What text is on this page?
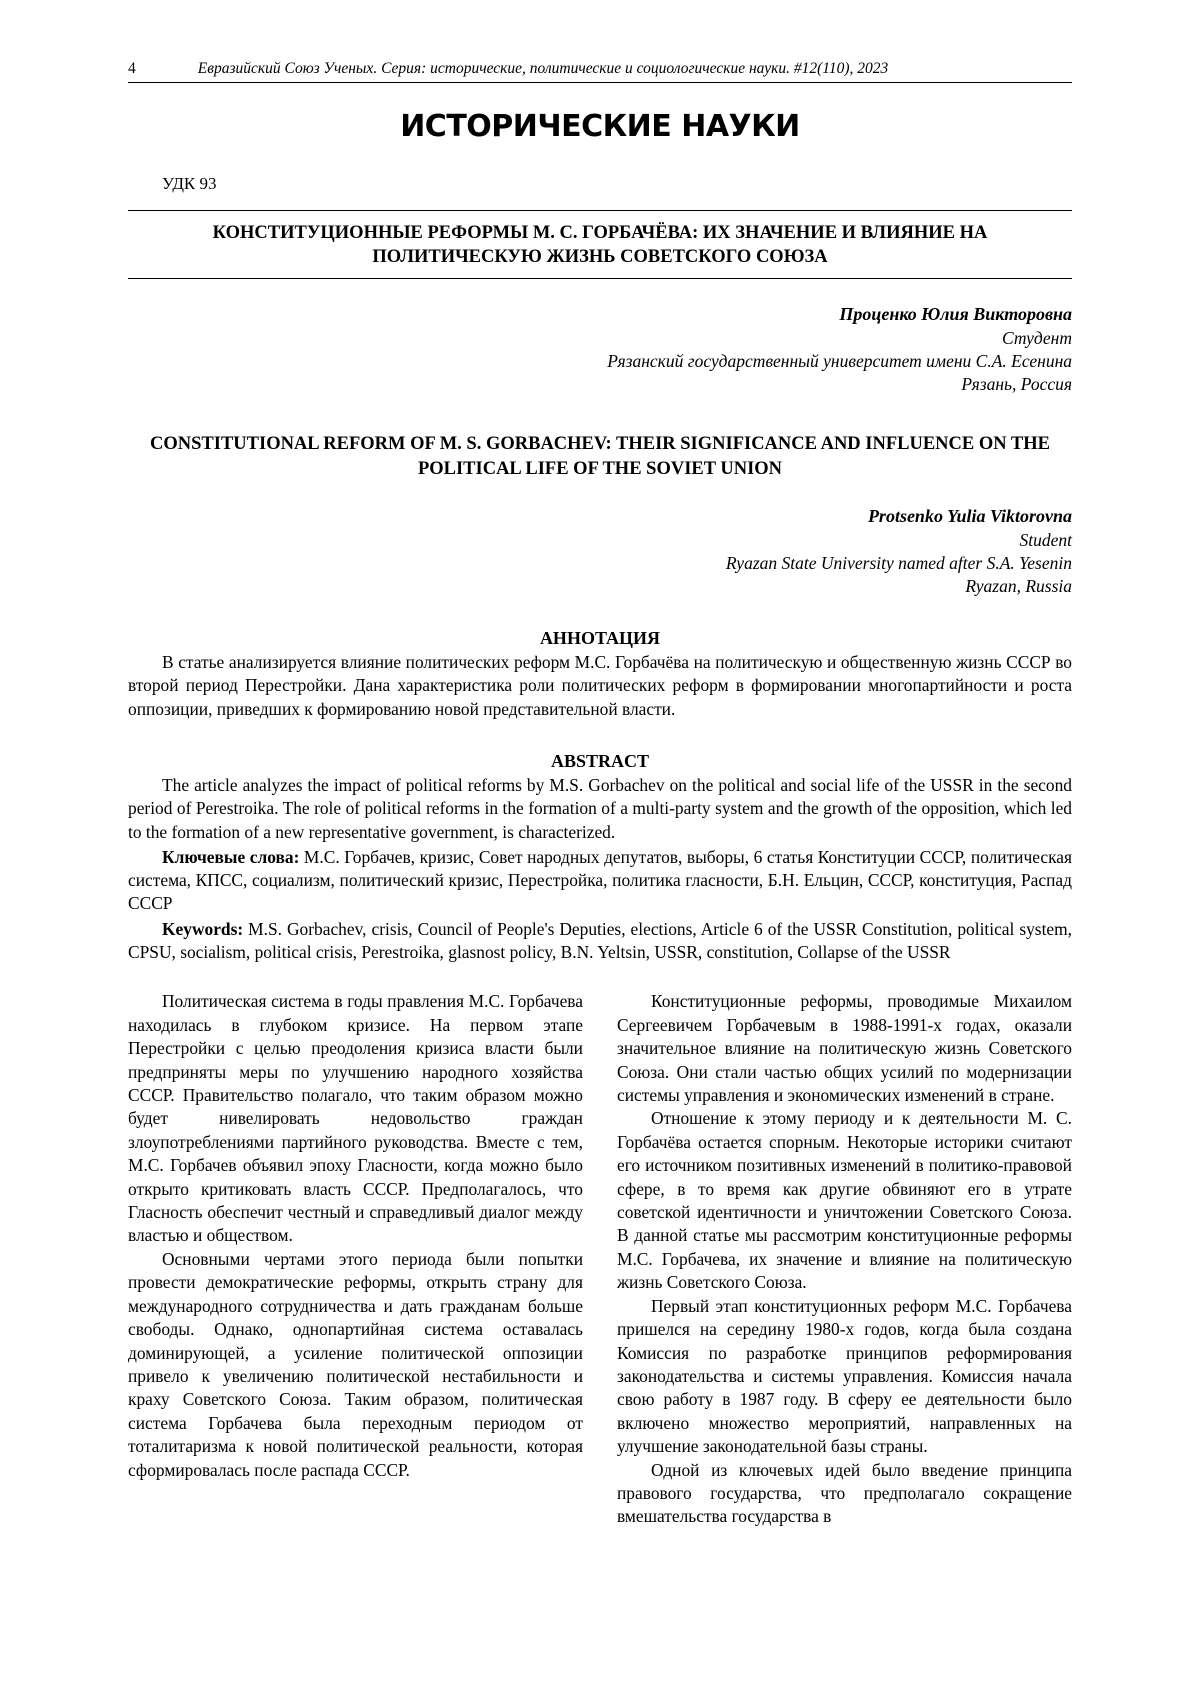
4	Евразийский Союз Ученых. Серия: исторические, политические и социологические науки. #12(110), 2023
ИСТОРИЧЕСКИЕ НАУКИ
УДК 93
КОНСТИТУЦИОННЫЕ РЕФОРМЫ М. С. ГОРБАЧЁВА: ИХ ЗНАЧЕНИЕ И ВЛИЯНИЕ НА ПОЛИТИЧЕСКУЮ ЖИЗНЬ СОВЕТСКОГО СОЮЗА
Проценко Юлия Викторовна
Студент
Рязанский государственный университет имени С.А. Есенина
Рязань, Россия
CONSTITUTIONAL REFORM OF M. S. GORBACHEV: THEIR SIGNIFICANCE AND INFLUENCE ON THE POLITICAL LIFE OF THE SOVIET UNION
Protsenko Yulia Viktorovna
Student
Ryazan State University named after S.A. Yesenin
Ryazan, Russia
АННОТАЦИЯ

В статье анализируется влияние политических реформ М.С. Горбачёва на политическую и общественную жизнь СССР во второй период Перестройки. Дана характеристика роли политических реформ в формировании многопартийности и роста оппозиции, приведших к формированию новой представительной власти.

ABSTRACT

The article analyzes the impact of political reforms by M.S. Gorbachev on the political and social life of the USSR in the second period of Perestroika. The role of political reforms in the formation of a multi-party system and the growth of the opposition, which led to the formation of a new representative government, is characterized.

Ключевые слова: М.С. Горбачев, кризис, Совет народных депутатов, выборы, 6 статья Конституции СССР, политическая система, КПСС, социализм, политический кризис, Перестройка, политика гласности, Б.Н. Ельцин, СССР, конституция, Распад СССР

Keywords: M.S. Gorbachev, crisis, Council of People's Deputies, elections, Article 6 of the USSR Constitution, political system, CPSU, socialism, political crisis, Perestroika, glasnost policy, B.N. Yeltsin, USSR, constitution, Collapse of the USSR

Политическая система в годы правления М.С. Горбачева находилась в глубоком кризисе. На первом этапе Перестройки с целью преодоления кризиса власти были предприняты меры по улучшению народного хозяйства СССР. Правительство полагало, что таким образом можно будет нивелировать недовольство граждан злоупотреблениями партийного руководства. Вместе с тем, М.С. Горбачев объявил эпоху Гласности, когда можно было открыто критиковать власть СССР. Предполагалось, что Гласность обеспечит честный и справедливый диалог между властью и обществом.

Основными чертами этого периода были попытки провести демократические реформы, открыть страну для международного сотрудничества и дать гражданам больше свободы. Однако, однопартийная система оставалась доминирующей, а усиление политической оппозиции привело к увеличению политической нестабильности и краху Советского Союза. Таким образом, политическая система Горбачева была переходным периодом от тоталитаризма к новой политической реальности, которая сформировалась после распада СССР.

Конституционные реформы, проводимые Михаилом Сергеевичем Горбачевым в 1988-1991-х годах, оказали значительное влияние на политическую жизнь Советского Союза. Они стали частью общих усилий по модернизации системы управления и экономических изменений в стране.

Отношение к этому периоду и к деятельности М. С. Горбачёва остается спорным. Некоторые историки считают его источником позитивных изменений в политико-правовой сфере, в то время как другие обвиняют его в утрате советской идентичности и уничтожении Советского Союза. В данной статье мы рассмотрим конституционные реформы М.С. Горбачева, их значение и влияние на политическую жизнь Советского Союза.

Первый этап конституционных реформ М.С. Горбачева пришелся на середину 1980-х годов, когда была создана Комиссия по разработке принципов реформирования законодательства и системы управления. Комиссия начала свою работу в 1987 году. В сферу ее деятельности было включено множество мероприятий, направленных на улучшение законодательной базы страны.

Одной из ключевых идей было введение принципа правового государства, что предполагало сокращение вмешательства государства в
